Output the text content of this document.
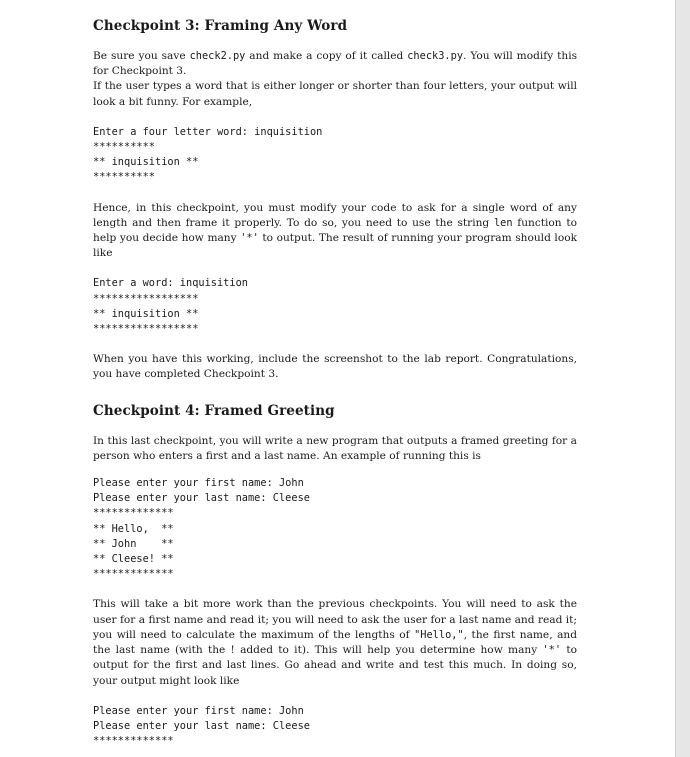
Checkpoint 3: Framing Any Word

Be sure you save check2.py and make a copy of it called check3.py. You will modify this for Checkpoint 3.

If the user types a word that is either longer or shorter than four letters, your output will look a bit funny. For example,

Enter a four letter word: inquisition
**********
** inquisition **
**********

Hence, in this checkpoint, you must modify your code to ask for a single word of any length and then frame it properly. To do so, you need to use the string len function to help you decide how many '*' to output. The result of running your program should look like

Enter a word: inquisition
*****************
** inquisition **
*****************

When you have this working, include the screenshot to the lab report. Congratulations, you have completed Checkpoint 3.

Checkpoint 4: Framed Greeting

In this last checkpoint, you will write a new program that outputs a framed greeting for a person who enters a first and a last name. An example of running this is

Please enter your first name: John
Please enter your last name: Cleese
*************
** Hello,  **
** John    **
** Cleese! **
*************

This will take a bit more work than the previous checkpoints. You will need to ask the user for a first name and read it; you will need to ask the user for a last name and read it; you will need to calculate the maximum of the lengths of "Hello,", the first name, and the last name (with the ! added to it). This will help you determine how many '*' to output for the first and last lines. Go ahead and write and test this much. In doing so, your output might look like

Please enter your first name: John
Please enter your last name: Cleese
*************
